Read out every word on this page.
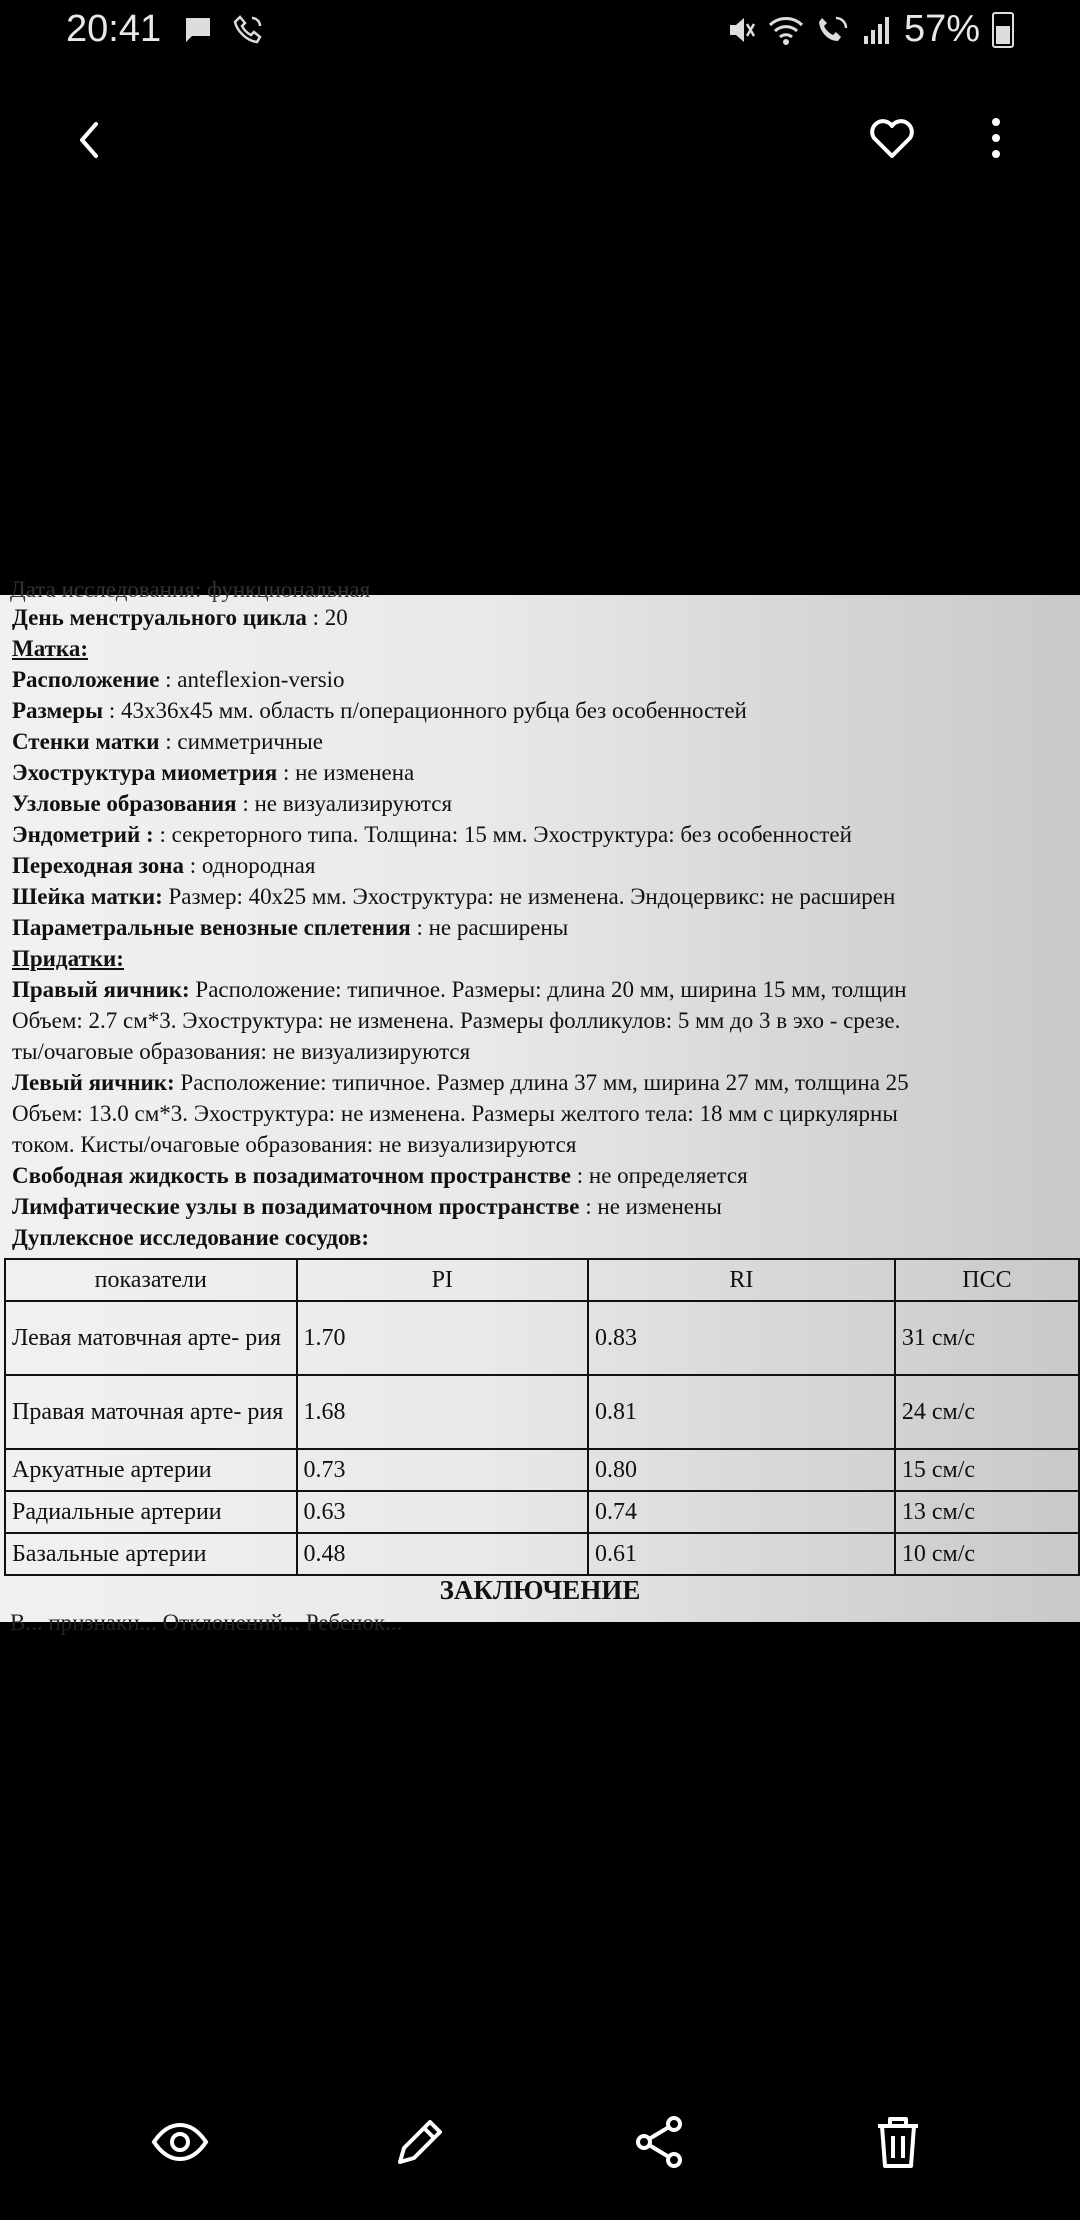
20:41	57%
Дата исследования: функциональная
День менструального цикла : 20
Матка:
Расположение : anteflexion-versio
Размеры : 43х36х45 мм. область п/операционного рубца без особенностей
Стенки матки : симметричные
Эхоструктура миометрия : не изменена
Узловые образования : не визуализируются
Эндометрий : : секреторного типа. Толщина: 15 мм. Эхоструктура: без особенностей
Переходная зона : однородная
Шейка матки: Размер: 40х25 мм. Эхоструктура: не изменена. Эндоцервикс: не расширен
Параметральные венозные сплетения : не расширены
Придатки:
Правый яичник: Расположение: типичное. Размеры: длина 20 мм, ширина 15 мм, толщин
Объем: 2.7 см*3. Эхоструктура: не изменена. Размеры фолликулов: 5 мм до 3 в эхо - срезе.
ты/очаговые образования: не визуализируются
Левый яичник: Расположение: типичное. Размер длина 37 мм, ширина 27 мм, толщина 25
Объем: 13.0 см*3. Эхоструктура: не изменена. Размеры желтого тела: 18 мм с циркулярны
током. Кисты/очаговые образования: не визуализируются
Свободная жидкость в позадиматочном пространстве : не определяется
Лимфатические узлы в позадиматочном пространстве : не изменены
Дуплексное исследование сосудов:
показатели	PI	RI	ПСС
Левая матовчная арте- рия	1.70	0.83	31 см/с
Правая маточная арте- рия	1.68	0.81	24 см/с
Аркуатные артерии	0.73	0.80	15 см/с
Радиальные артерии	0.63	0.74	13 см/с
Базальные артерии	0.48	0.61	10 см/с
ЗАКЛЮЧЕНИЕ
В... признаки... Отклонений... Ребенок...
